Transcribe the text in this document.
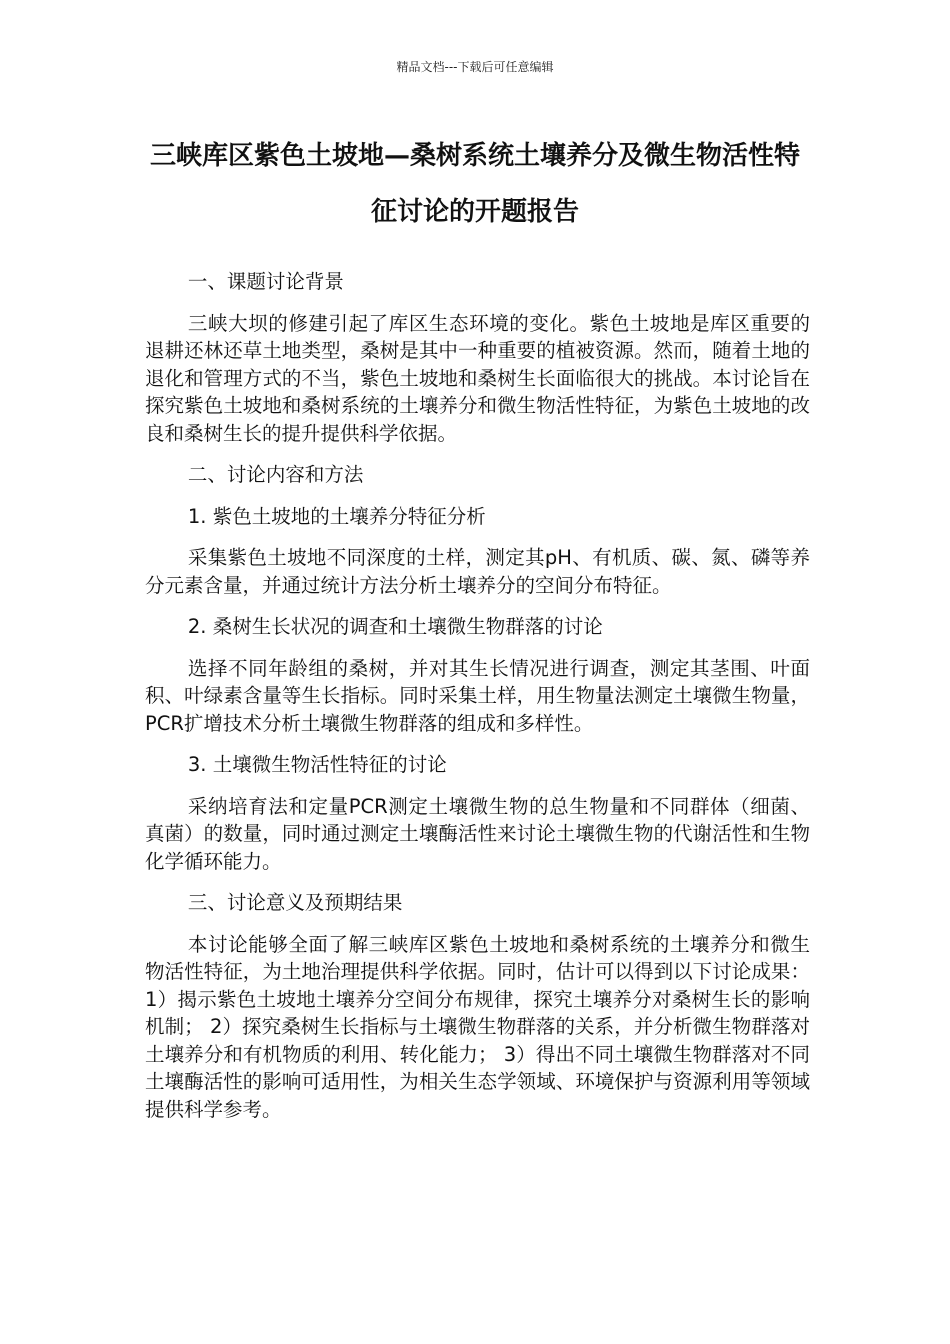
精品文档---下载后可任意编辑
三峡库区紫色土坡地—桑树系统土壤养分及微生物活性特征讨论的开题报告

一、课题讨论背景

三峡大坝的修建引起了库区生态环境的变化。紫色土坡地是库区重要的退耕还林还草土地类型，桑树是其中一种重要的植被资源。然而，随着土地的退化和管理方式的不当，紫色土坡地和桑树生长面临很大的挑战。本讨论旨在探究紫色土坡地和桑树系统的土壤养分和微生物活性特征，为紫色土坡地的改良和桑树生长的提升提供科学依据。

二、讨论内容和方法

1. 紫色土坡地的土壤养分特征分析

采集紫色土坡地不同深度的土样，测定其pH、有机质、碳、氮、磷等养分元素含量，并通过统计方法分析土壤养分的空间分布特征。

2. 桑树生长状况的调查和土壤微生物群落的讨论

选择不同年龄组的桑树，并对其生长情况进行调查，测定其茎围、叶面积、叶绿素含量等生长指标。同时采集土样，用生物量法测定土壤微生物量，PCR扩增技术分析土壤微生物群落的组成和多样性。

3. 土壤微生物活性特征的讨论

采纳培育法和定量PCR测定土壤微生物的总生物量和不同群体（细菌、真菌）的数量，同时通过测定土壤酶活性来讨论土壤微生物的代谢活性和生物化学循环能力。

三、讨论意义及预期结果

本讨论能够全面了解三峡库区紫色土坡地和桑树系统的土壤养分和微生物活性特征，为土地治理提供科学依据。同时，估计可以得到以下讨论成果： 1）揭示紫色土坡地土壤养分空间分布规律，探究土壤养分对桑树生长的影响机制； 2）探究桑树生长指标与土壤微生物群落的关系，并分析微生物群落对土壤养分和有机物质的利用、转化能力； 3）得出不同土壤微生物群落对不同土壤酶活性的影响可适用性，为相关生态学领域、环境保护与资源利用等领域提供科学参考。
